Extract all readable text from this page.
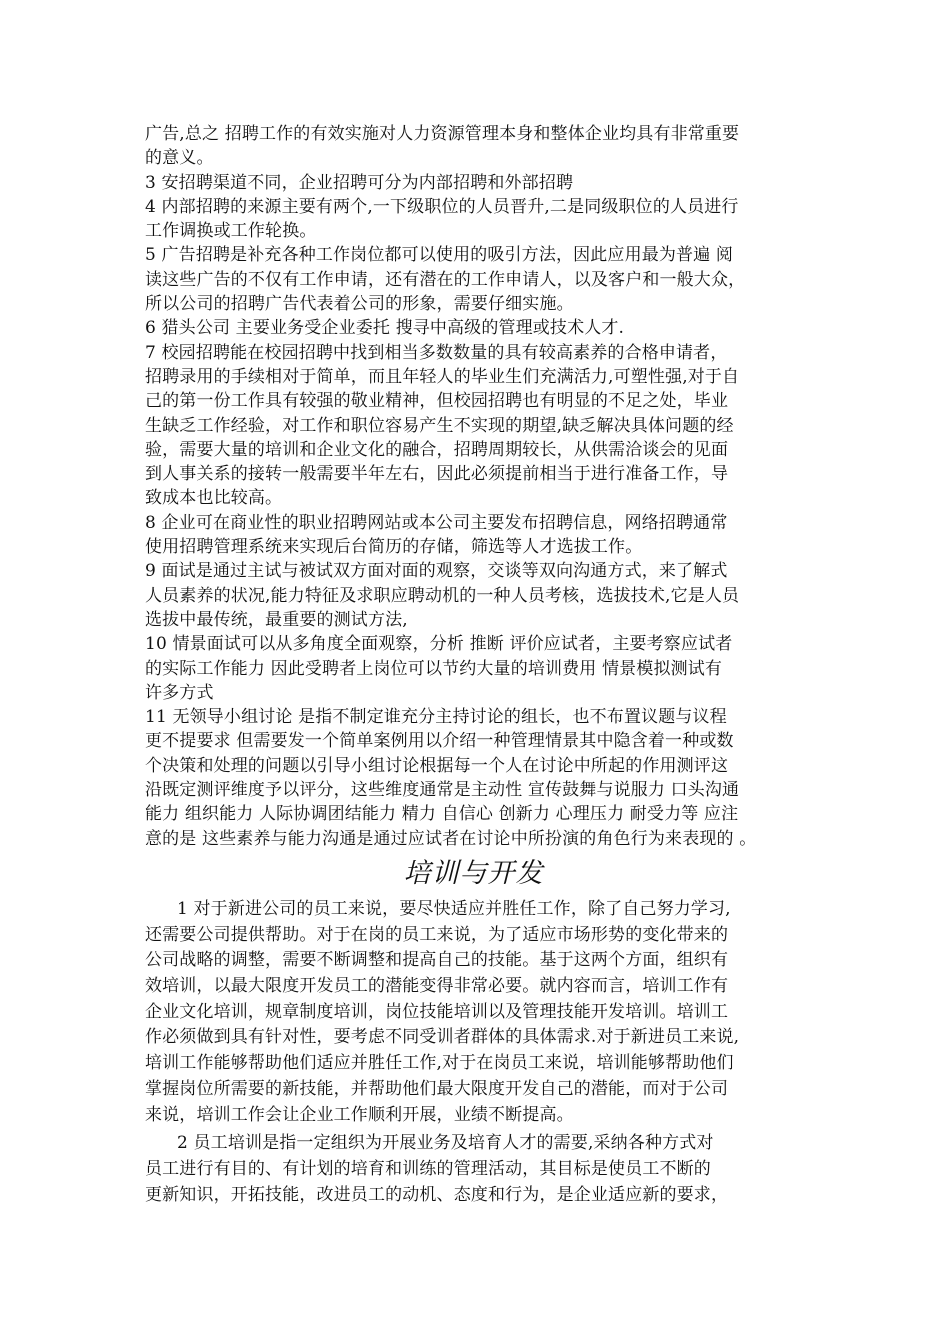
广告,总之 招聘工作的有效实施对人力资源管理本身和整体企业均具有非常重要
的意义。
3 安招聘渠道不同，企业招聘可分为内部招聘和外部招聘
4 内部招聘的来源主要有两个,一下级职位的人员晋升,二是同级职位的人员进行
工作调换或工作轮换。
5 广告招聘是补充各种工作岗位都可以使用的吸引方法，因此应用最为普遍 阅
读这些广告的不仅有工作申请，还有潜在的工作申请人，以及客户和一般大众，
所以公司的招聘广告代表着公司的形象，需要仔细实施。
6 猎头公司 主要业务受企业委托 搜寻中高级的管理或技术人才.
7 校园招聘能在校园招聘中找到相当多数数量的具有较高素养的合格申请者，
招聘录用的手续相对于简单，而且年轻人的毕业生们充满活力,可塑性强,对于自
己的第一份工作具有较强的敬业精神，但校园招聘也有明显的不足之处，毕业
生缺乏工作经验，对工作和职位容易产生不实现的期望,缺乏解决具体问题的经
验，需要大量的培训和企业文化的融合，招聘周期较长，从供需洽谈会的见面
到人事关系的接转一般需要半年左右，因此必须提前相当于进行准备工作，导
致成本也比较高。
8 企业可在商业性的职业招聘网站或本公司主要发布招聘信息，网络招聘通常
使用招聘管理系统来实现后台简历的存储，筛选等人才选拔工作。
9 面试是通过主试与被试双方面对面的观察，交谈等双向沟通方式，来了解式
人员素养的状况,能力特征及求职应聘动机的一种人员考核，选拔技术,它是人员
选拔中最传统，最重要的测试方法,
10 情景面试可以从多角度全面观察，分析 推断 评价应试者，主要考察应试者
的实际工作能力 因此受聘者上岗位可以节约大量的培训费用 情景模拟测试有
许多方式
11 无领导小组讨论 是指不制定谁充分主持讨论的组长，也不布置议题与议程
更不提要求 但需要发一个简单案例用以介绍一种管理情景其中隐含着一种或数
个决策和处理的问题以引导小组讨论根据每一个人在讨论中所起的作用测评这
沿既定测评维度予以评分，这些维度通常是主动性 宣传鼓舞与说服力 口头沟通
能力 组织能力 人际协调团结能力 精力 自信心 创新力 心理压力 耐受力等 应注
意的是 这些素养与能力沟通是通过应试者在讨论中所扮演的角色行为来表现的 。
培训与开发
1 对于新进公司的员工来说，要尽快适应并胜任工作，除了自己努力学习,
还需要公司提供帮助。对于在岗的员工来说，为了适应市场形势的变化带来的
公司战略的调整，需要不断调整和提高自己的技能。基于这两个方面，组织有
效培训，以最大限度开发员工的潜能变得非常必要。就内容而言，培训工作有
企业文化培训，规章制度培训，岗位技能培训以及管理技能开发培训。培训工
作必须做到具有针对性，要考虑不同受训者群体的具体需求.对于新进员工来说,
培训工作能够帮助他们适应并胜任工作,对于在岗员工来说，培训能够帮助他们
掌握岗位所需要的新技能，并帮助他们最大限度开发自己的潜能，而对于公司
来说，培训工作会让企业工作顺利开展，业绩不断提高。
2 员工培训是指一定组织为开展业务及培育人才的需要,采纳各种方式对
员工进行有目的、有计划的培育和训练的管理活动，其目标是使员工不断的
更新知识，开拓技能，改进员工的动机、态度和行为，是企业适应新的要求，
